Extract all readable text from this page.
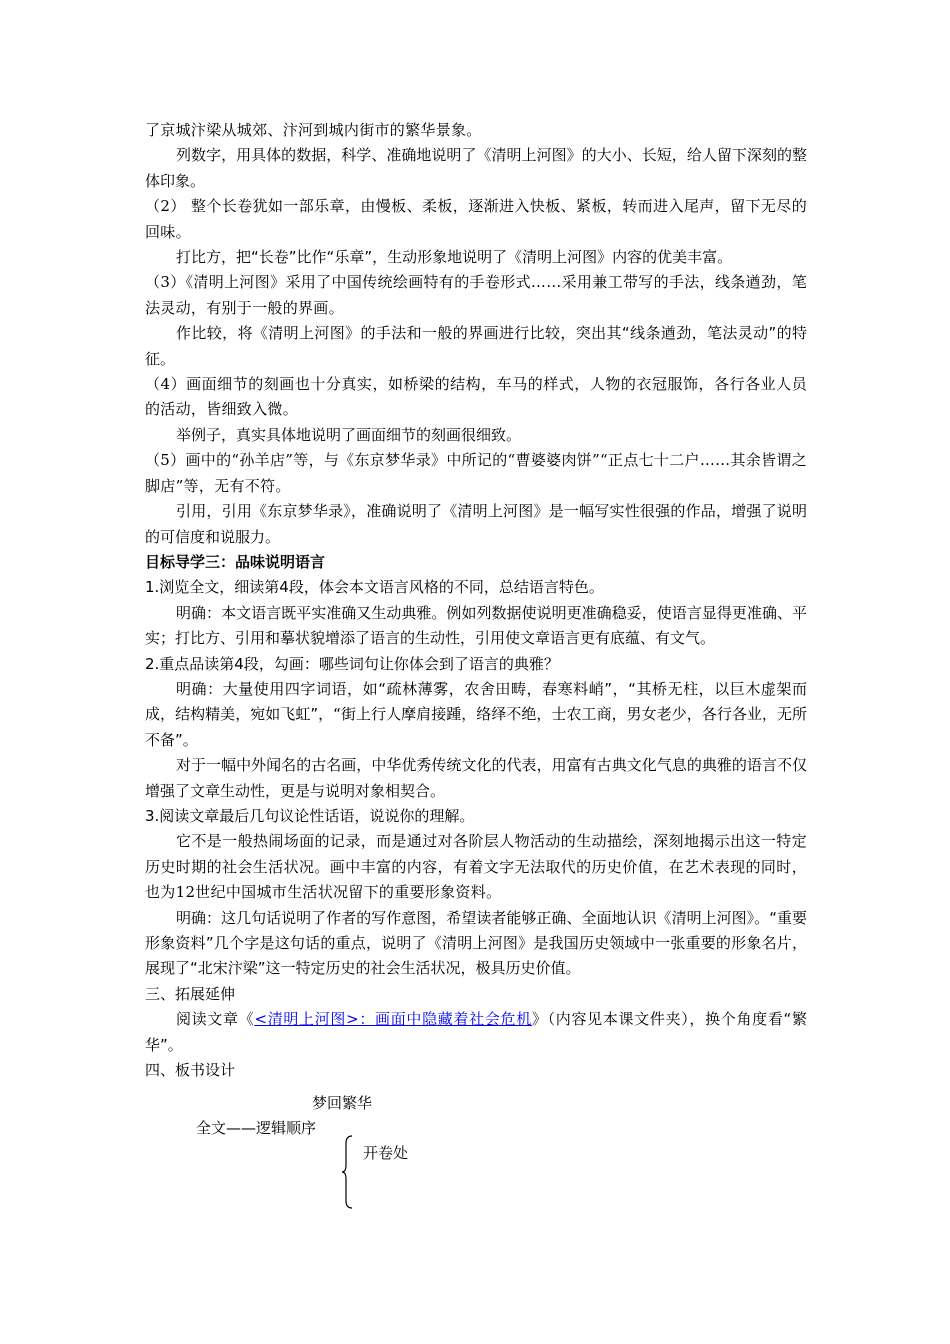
了京城汴梁从城郊、汴河到城内街市的繁华景象。

列数字，用具体的数据，科学、准确地说明了《清明上河图》的大小、长短，给人留下深刻的整体印象。

（2） 整个长卷犹如一部乐章，由慢板、柔板，逐渐进入快板、紧板，转而进入尾声，留下无尽的回味。

打比方，把“长卷”比作“乐章”，生动形象地说明了《清明上河图》内容的优美丰富。

（3）《清明上河图》采用了中国传统绘画特有的手卷形式……采用兼工带写的手法，线条遒劲，笔法灵动，有别于一般的界画。

作比较，将《清明上河图》的手法和一般的界画进行比较，突出其“线条遒劲，笔法灵动”的特征。

（4）画面细节的刻画也十分真实，如桥梁的结构，车马的样式，人物的衣冠服饰，各行各业人员的活动，皆细致入微。

举例子，真实具体地说明了画面细节的刻画很细致。

（5）画中的“孙羊店”等，与《东京梦华录》中所记的“曹婆婆肉饼”“正点七十二户……其余皆谓之脚店”等，无有不符。

引用，引用《东京梦华录》，准确说明了《清明上河图》是一幅写实性很强的作品，增强了说明的可信度和说服力。

目标导学三：品味说明语言

1.浏览全文，细读第4段，体会本文语言风格的不同，总结语言特色。

明确：本文语言既平实准确又生动典雅。例如列数据使说明更准确稳妥，使语言显得更准确、平实；打比方、引用和摹状貌增添了语言的生动性，引用使文章语言更有底蕴、有文气。

2.重点品读第4段，勾画：哪些词句让你体会到了语言的典雅？

明确：大量使用四字词语，如“疏林薄雾，农舍田畴，春寒料峭”，“其桥无柱，以巨木虚架而成，结构精美，宛如飞虹”，“街上行人摩肩接踵，络绎不绝，士农工商，男女老少，各行各业，无所不备”。

对于一幅中外闻名的古名画，中华优秀传统文化的代表，用富有古典文化气息的典雅的语言不仅增强了文章生动性，更是与说明对象相契合。

3.阅读文章最后几句议论性话语，说说你的理解。

它不是一般热闹场面的记录，而是通过对各阶层人物活动的生动描绘，深刻地揭示出这一特定历史时期的社会生活状况。画中丰富的内容，有着文字无法取代的历史价值，在艺术表现的同时，也为12世纪中国城市生活状况留下的重要形象资料。

明确：这几句话说明了作者的写作意图，希望读者能够正确、全面地认识《清明上河图》。“重要形象资料”几个字是这句话的重点，说明了《清明上河图》是我国历史领域中一张重要的形象名片，展现了“北宋汴梁”这一特定历史的社会生活状况，极具历史价值。

三、拓展延伸

阅读文章《<清明上河图>：画面中隐藏着社会危机》（内容见本课文件夹），换个角度看“繁华”。

四、板书设计

梦回繁华
全文——逻辑顺序
开卷处
